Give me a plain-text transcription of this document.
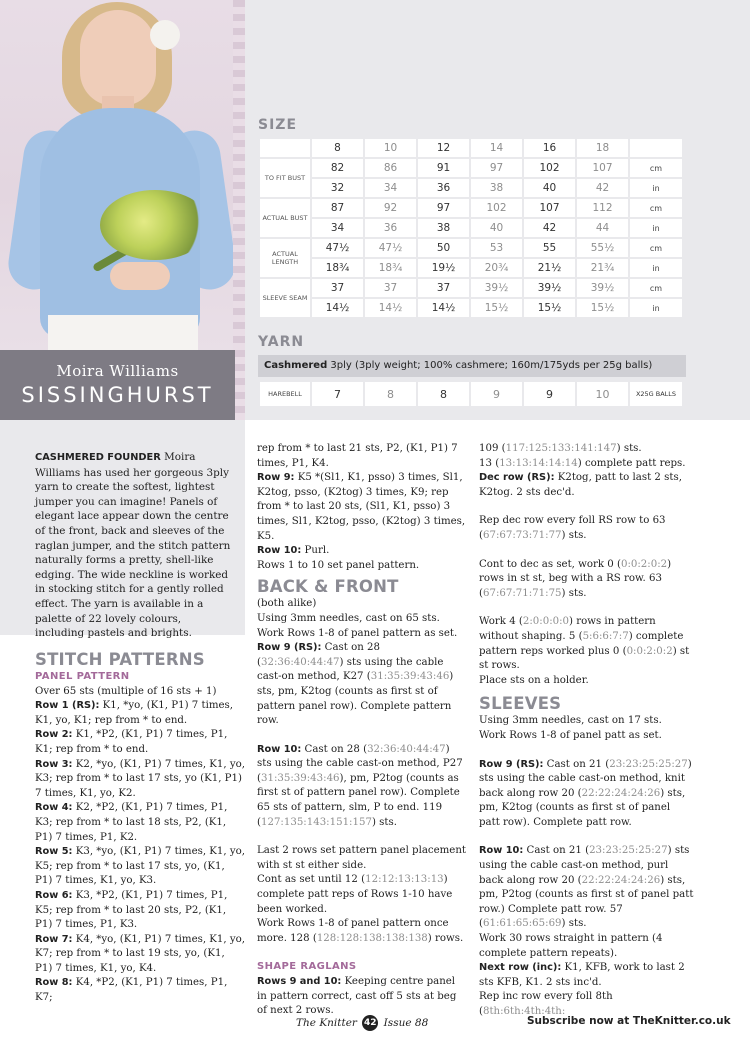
Moira Williams
SISSINGHURST
SIZE
	8	10	12	14	16	18	
TO FIT BUST	82	86	91	97	102	107	cm
	32	34	36	38	40	42	in
ACTUAL BUST	87	92	97	102	107	112	cm
	34	36	38	40	42	44	in
ACTUAL LENGTH	47½	47½	50	53	55	55½	cm
	18¾	18¾	19½	20¾	21½	21¾	in
SLEEVE SEAM	37	37	37	39½	39½	39½	cm
	14½	14½	14½	15½	15½	15½	in
YARN
Cashmered 3ply (3ply weight; 100% cashmere; 160m/175yds per 25g balls)
HAREBELL	7	8	8	9	9	10	X25G BALLS
CASHMERED FOUNDER Moira Williams has used her gorgeous 3ply yarn to create the softest, lightest jumper you can imagine! Panels of elegant lace appear down the centre of the front, back and sleeves of the raglan jumper, and the stitch pattern naturally forms a pretty, shell-like edging. The wide neckline is worked in stocking stitch for a gently rolled effect. The yarn is available in a palette of 22 lovely colours, including pastels and brights.
STITCH PATTERNS
PANEL PATTERN

Over 65 sts (multiple of 16 sts + 1)

Row 1 (RS): K1, *yo, (K1, P1) 7 times, K1, yo, K1; rep from * to end.

Row 2: K1, *P2, (K1, P1) 7 times, P1, K1; rep from * to end.

Row 3: K2, *yo, (K1, P1) 7 times, K1, yo, K3; rep from * to last 17 sts, yo (K1, P1) 7 times, K1, yo, K2.

Row 4: K2, *P2, (K1, P1) 7 times, P1, K3; rep from * to last 18 sts, P2, (K1, P1) 7 times, P1, K2.

Row 5: K3, *yo, (K1, P1) 7 times, K1, yo, K5; rep from * to last 17 sts, yo, (K1, P1) 7 times, K1, yo, K3.

Row 6: K3, *P2, (K1, P1) 7 times, P1, K5; rep from * to last 20 sts, P2, (K1, P1) 7 times, P1, K3.

Row 7: K4, *yo, (K1, P1) 7 times, K1, yo, K7; rep from * to last 19 sts, yo, (K1, P1) 7 times, K1, yo, K4.

Row 8: K4, *P2, (K1, P1) 7 times, P1, K7;

rep from * to last 21 sts, P2, (K1, P1) 7 times, P1, K4.

Row 9: K5 *(Sl1, K1, psso) 3 times, Sl1, K2tog, psso, (K2tog) 3 times, K9; rep from * to last 20 sts, (Sl1, K1, psso) 3 times, Sl1, K2tog, psso, (K2tog) 3 times, K5.

Row 10: Purl.

Rows 1 to 10 set panel pattern.

BACK & FRONT

(both alike)

Using 3mm needles, cast on 65 sts.

Work Rows 1-8 of panel pattern as set.

Row 9 (RS): Cast on 28 (32:36:40:44:47) sts using the cable cast-on method, K27 (31:35:39:43:46) sts, pm, K2tog (counts as first st of pattern panel row). Complete pattern row.

Row 10: Cast on 28 (32:36:40:44:47) sts using the cable cast-on method, P27 (31:35:39:43:46), pm, P2tog (counts as first st of pattern panel row). Complete 65 sts of pattern, slm, P to end. 119 (127:135:143:151:157) sts.

Last 2 rows set pattern panel placement with st st either side.

Cont as set until 12 (12:12:13:13:13) complete patt reps of Rows 1-10 have been worked.

Work Rows 1-8 of panel pattern once more. 128 (128:128:138:138:138) rows.

SHAPE RAGLANS

Rows 9 and 10: Keeping centre panel in pattern correct, cast off 5 sts at beg of next 2 rows.

109 (117:125:133:141:147) sts.

13 (13:13:14:14:14) complete patt reps.

Dec row (RS): K2tog, patt to last 2 sts, K2tog. 2 sts dec'd.

Rep dec row every foll RS row to 63 (67:67:73:71:77) sts.

Cont to dec as set, work 0 (0:0:2:0:2) rows in st st, beg with a RS row. 63 (67:67:71:71:75) sts.

Work 4 (2:0:0:0:0) rows in pattern without shaping. 5 (5:6:6:7:7) complete pattern reps worked plus 0 (0:0:2:0:2) st st rows.

Place sts on a holder.

SLEEVES

Using 3mm needles, cast on 17 sts.

Work Rows 1-8 of panel patt as set.

Row 9 (RS): Cast on 21 (23:23:25:25:27) sts using the cable cast-on method, knit back along row 20 (22:22:24:24:26) sts, pm, K2tog (counts as first st of panel patt row). Complete patt row.

Row 10: Cast on 21 (23:23:25:25:27) sts using the cable cast-on method, purl back along row 20 (22:22:24:24:26) sts, pm, P2tog (counts as first st of panel patt row.) Complete patt row. 57 (61:61:65:65:69) sts.

Work 30 rows straight in pattern (4 complete pattern repeats).

Next row (inc): K1, KFB, work to last 2 sts KFB, K1. 2 sts inc'd.

Rep inc row every foll 8th (8th:6th:4th:4th:

The Knitter 42 Issue 88	Subscribe now at TheKnitter.co.uk
